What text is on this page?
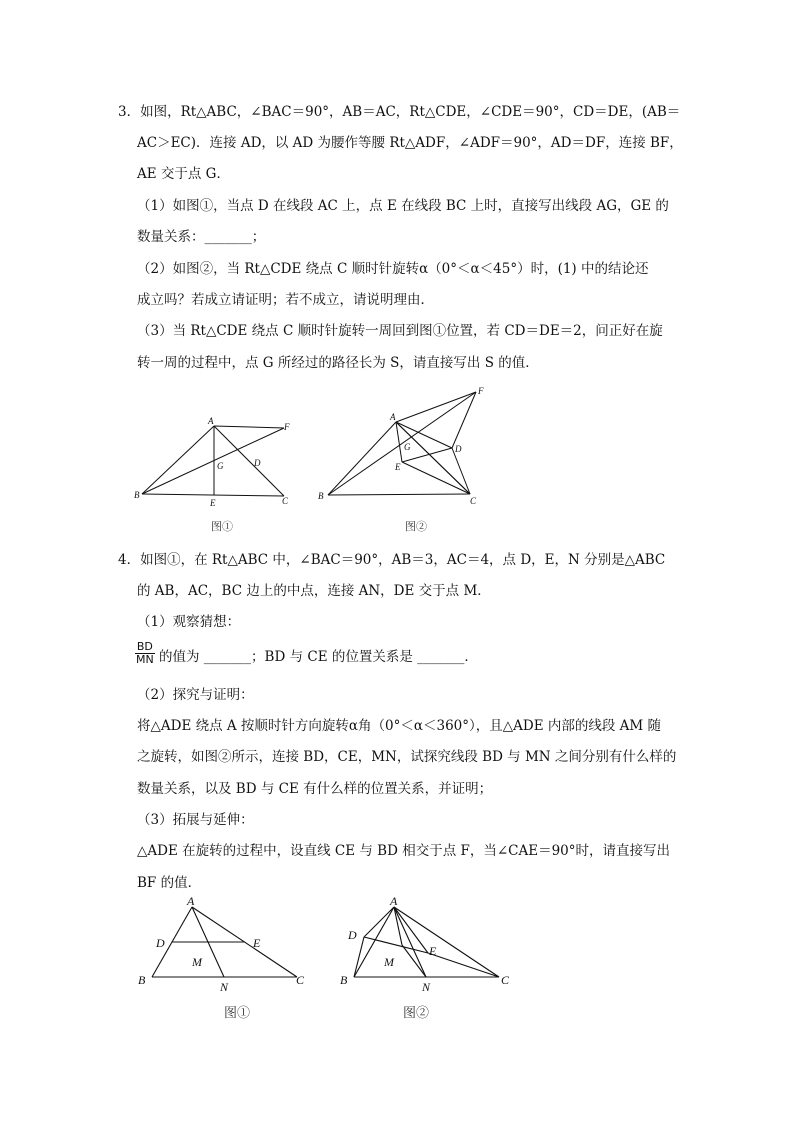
3．如图，Rt△ABC，∠BAC＝90°，AB＝AC，Rt△CDE，∠CDE＝90°，CD＝DE，(AB＝
AC＞EC)．连接 AD，以 AD 为腰作等腰 Rt△ADF，∠ADF＝90°，AD＝DF，连接 BF，
AE 交于点 G．
（1）如图①，当点 D 在线段 AC 上，点 E 在线段 BC 上时，直接写出线段 AG，GE 的
数量关系：_______；
（2）如图②，当 Rt△CDE 绕点 C 顺时针旋转α（0°＜α＜45°）时，(1) 中的结论还
成立吗？若成立请证明；若不成立，请说明理由．
（3）当 Rt△CDE 绕点 C 顺时针旋转一周回到图①位置，若 CD＝DE＝2，问正好在旋
转一周的过程中，点 G 所经过的路径长为 S，请直接写出 S 的值．
A
B
C
D
E
F
G
图①
A
B	C
D
E
F
G
图②
4．如图①，在 Rt△ABC 中，∠BAC＝90°，AB＝3，AC＝4，点 D，E，N 分别是△ABC
的 AB，AC，BC 边上的中点，连接 AN，DE 交于点 M．
（1）观察猜想：
$\frac{BD}{MN}$ 的值为 _______；BD 与 CE 的位置关系是 _______．
（2）探究与证明：
将△ADE 绕点 A 按顺时针方向旋转α角（0°＜α＜360°），且△ADE 内部的线段 AM 随
之旋转，如图②所示，连接 BD，CE，MN，试探究线段 BD 与 MN 之间分别有什么样的
数量关系，以及 BD 与 CE 有什么样的位置关系，并证明；
（3）拓展与延伸：
△ADE 在旋转的过程中，设直线 CE 与 BD 相交于点 F，当∠CAE＝90°时，请直接写出
BF 的值．
A
B	C
D	E
M
N
图①
A
B	C
D
E
M
N
图②
